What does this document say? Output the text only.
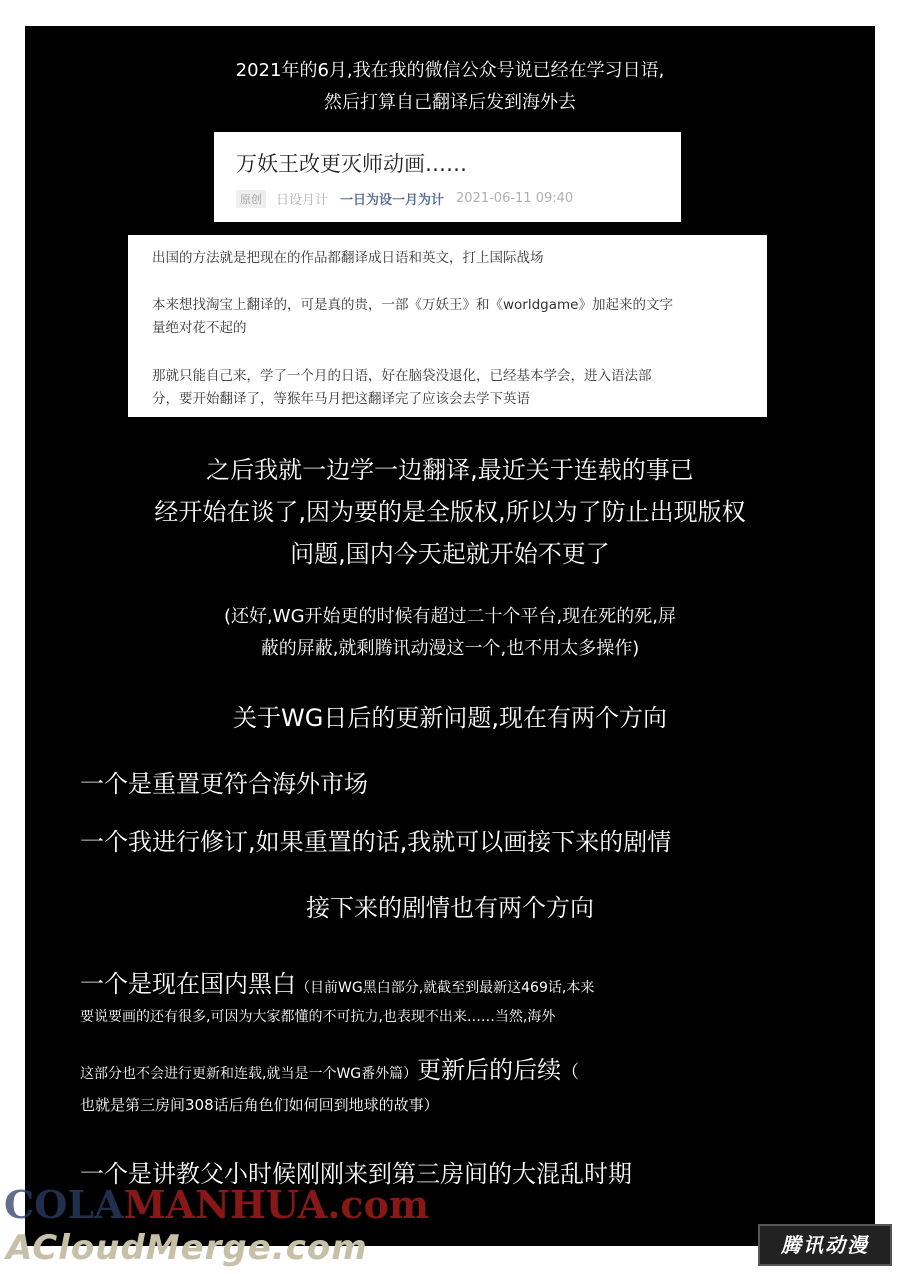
2021年的6月,我在我的微信公众号说已经在学习日语,
然后打算自己翻译后发到海外去
万妖王改更灭师动画……
原创	日设月计 一日为设一月为计 2021-06-11 09:40
出国的方法就是把现在的作品都翻译成日语和英文，打上国际战场
本来想找淘宝上翻译的，可是真的贵，一部《万妖王》和《worldgame》加起来的文字
量绝对花不起的
那就只能自己来，学了一个月的日语，好在脑袋没退化，已经基本学会，进入语法部
分，要开始翻译了，等猴年马月把这翻译完了应该会去学下英语
之后我就一边学一边翻译,最近关于连载的事已
经开始在谈了,因为要的是全版权,所以为了防止出现版权
问题,国内今天起就开始不更了
(还好,WG开始更的时候有超过二十个平台,现在死的死,屏
蔽的屏蔽,就剩腾讯动漫这一个,也不用太多操作)
关于WG日后的更新问题,现在有两个方向
一个是重置更符合海外市场
一个我进行修订,如果重置的话,我就可以画接下来的剧情
接下来的剧情也有两个方向
一个是现在国内黑白（目前WG黑白部分,就截至到最新这469话,本来
要说要画的还有很多,可因为大家都懂的不可抗力,也表现不出来……当然,海外
这部分也不会进行更新和连载,就当是一个WG番外篇）更新后的后续（
也就是第三房间308话后角色们如何回到地球的故事）
一个是讲教父小时候刚刚来到第三房间的大混乱时期
COLAMANHUA.com
ACloudMerge.com	腾讯动漫
